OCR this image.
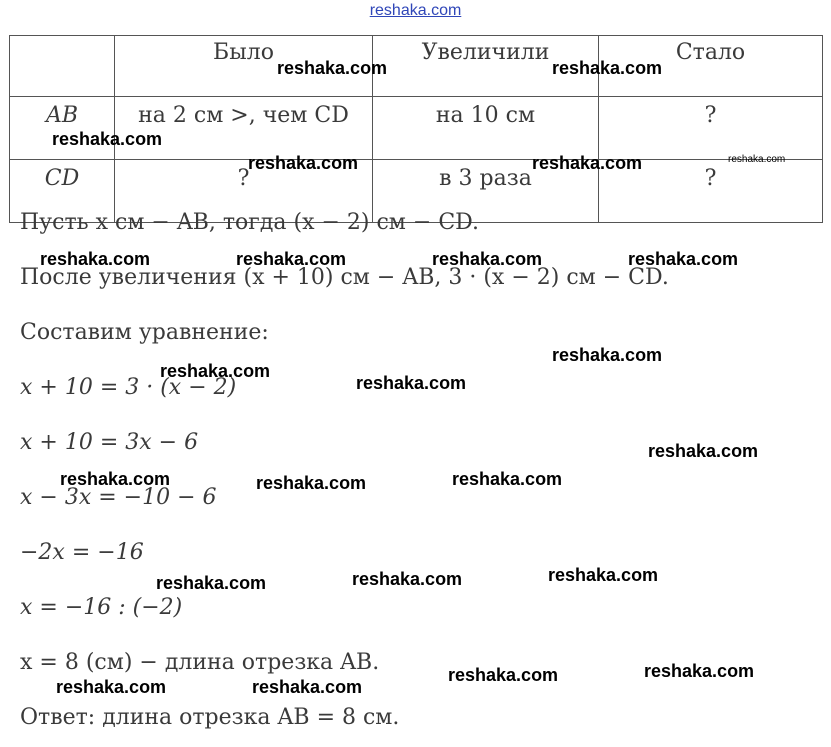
reshaka.com
	Было	Увеличили	Стало
AB	на 2 см >, чем CD	на 10 см	?
CD	?	в 3 раза	?

Пусть x см − AB, тогда (x − 2) см − CD.

После увеличения (x + 10) см − AB, 3 · (x − 2) см − CD.

Составим уравнение:

x + 10 = 3 · (x − 2)

x + 10 = 3x − 6

x − 3x = −10 − 6

−2x = −16

x = −16 : (−2)

x = 8 (см) − длина отрезка AB.

Ответ: длина отрезка AB = 8 см.

reshaka.com	reshaka.com
reshaka.com
reshaka.com	reshaka.com	reshaka.com
reshaka.com	reshaka.com	reshaka.com	reshaka.com
reshaka.com
reshaka.com
reshaka.com
reshaka.com
reshaka.com	reshaka.com
reshaka.com
reshaka.com
reshaka.com
reshaka.com
reshaka.com
reshaka.com
reshaka.com
reshaka.com
